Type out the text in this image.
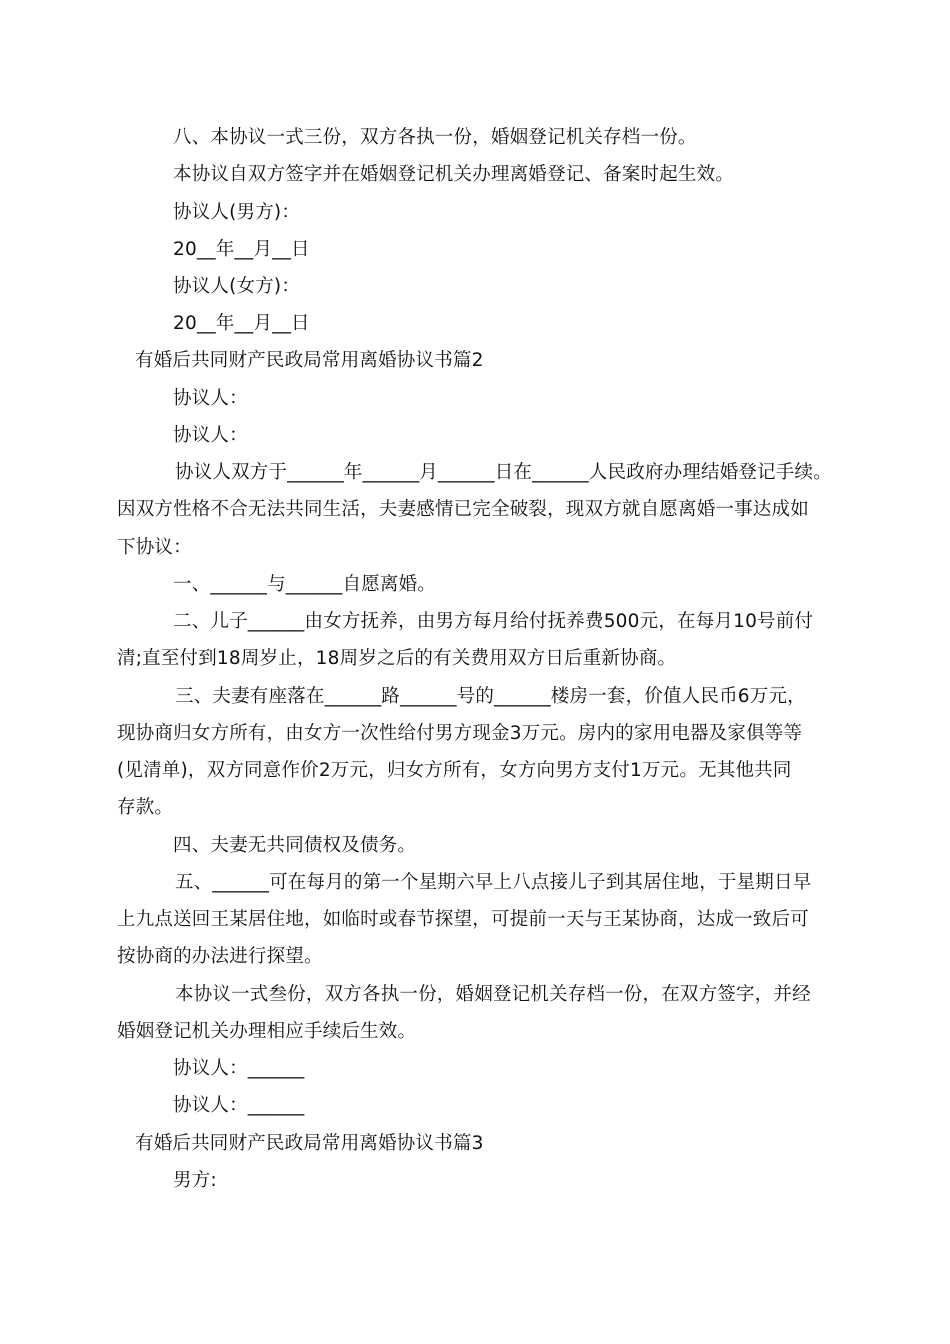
八、本协议一式三份，双方各执一份，婚姻登记机关存档一份。
本协议自双方签字并在婚姻登记机关办理离婚登记、备案时起生效。
协议人(男方)：
20__年__月__日
协议人(女方)：
20__年__月__日
有婚后共同财产民政局常用离婚协议书篇2
协议人：
协议人：
协议人双方于______年______月______日在______人民政府办理结婚登记手续。
因双方性格不合无法共同生活，夫妻感情已完全破裂，现双方就自愿离婚一事达成如
下协议：
一、______与______自愿离婚。
二、儿子______由女方抚养，由男方每月给付抚养费500元，在每月10号前付
清;直至付到18周岁止，18周岁之后的有关费用双方日后重新协商。
三、夫妻有座落在______路______号的______楼房一套，价值人民币6万元，
现协商归女方所有，由女方一次性给付男方现金3万元。房内的家用电器及家俱等等
(见清单)，双方同意作价2万元，归女方所有，女方向男方支付1万元。无其他共同
存款。
四、夫妻无共同债权及债务。
五、______可在每月的第一个星期六早上八点接儿子到其居住地，于星期日早
上九点送回王某居住地，如临时或春节探望，可提前一天与王某协商，达成一致后可
按协商的办法进行探望。
本协议一式叁份，双方各执一份，婚姻登记机关存档一份，在双方签字，并经
婚姻登记机关办理相应手续后生效。
协议人：______
协议人：______
有婚后共同财产民政局常用离婚协议书篇3
男方:
